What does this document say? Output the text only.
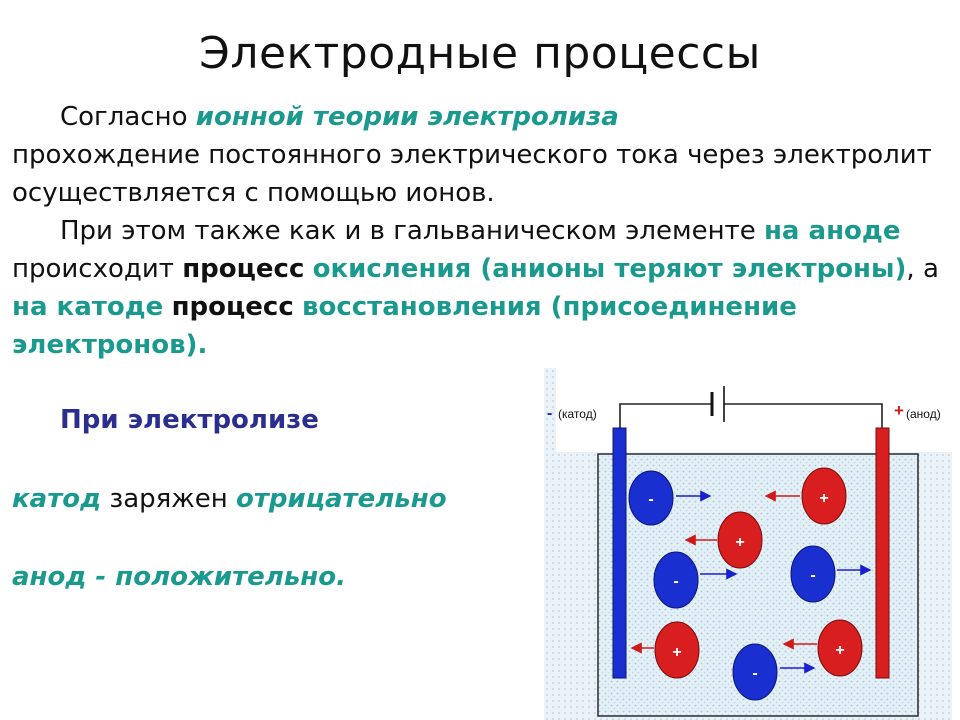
Электродные процессы

Согласно ионной теории электролиза
прохождение постоянного электрического тока через электролит осуществляется с помощью ионов.

При этом также как и в гальваническом элементе на аноде происходит процесс окисления (анионы теряют электроны), а на катоде процесс восстановления (присоединение электронов).

При электролизе
катод заряжен отрицательно
анод - положительно.
- (катод)	+ (анод)
-
-	-
-
+
+
+	+
